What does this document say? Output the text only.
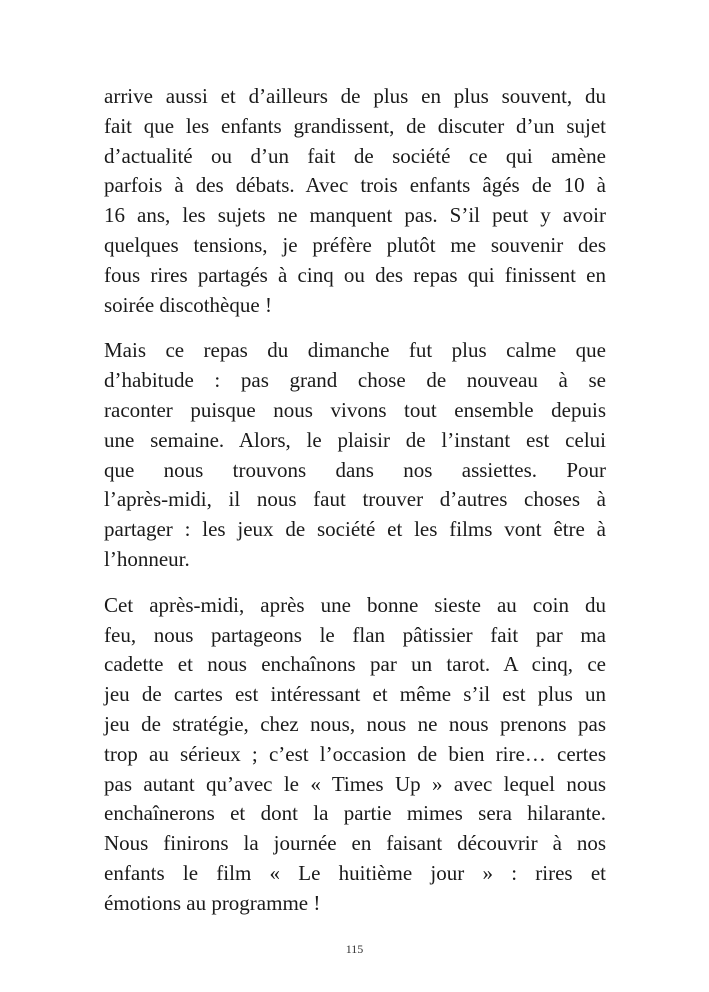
arrive aussi et d’ailleurs de plus en plus souvent, du
fait que les enfants grandissent, de discuter d’un sujet
d’actualité ou d’un fait de société ce qui amène
parfois à des débats. Avec trois enfants âgés de 10 à
16 ans, les sujets ne manquent pas. S’il peut y avoir
quelques tensions, je préfère plutôt me souvenir des
fous rires partagés à cinq ou des repas qui finissent en
soirée discothèque !

Mais ce repas du dimanche fut plus calme que
d’habitude : pas grand chose de nouveau à se
raconter puisque nous vivons tout ensemble depuis
une semaine. Alors, le plaisir de l’instant est celui
que nous trouvons dans nos assiettes. Pour
l’après-midi, il nous faut trouver d’autres choses à
partager : les jeux de société et les films vont être à
l’honneur.

Cet après-midi, après une bonne sieste au coin du
feu, nous partageons le flan pâtissier fait par ma
cadette et nous enchaînons par un tarot. A cinq, ce
jeu de cartes est intéressant et même s’il est plus un
jeu de stratégie, chez nous, nous ne nous prenons pas
trop au sérieux ; c’est l’occasion de bien rire… certes
pas autant qu’avec le « Times Up » avec lequel nous
enchaînerons et dont la partie mimes sera hilarante.
Nous finirons la journée en faisant découvrir à nos
enfants le film « Le huitième jour » : rires et
émotions au programme !

115
